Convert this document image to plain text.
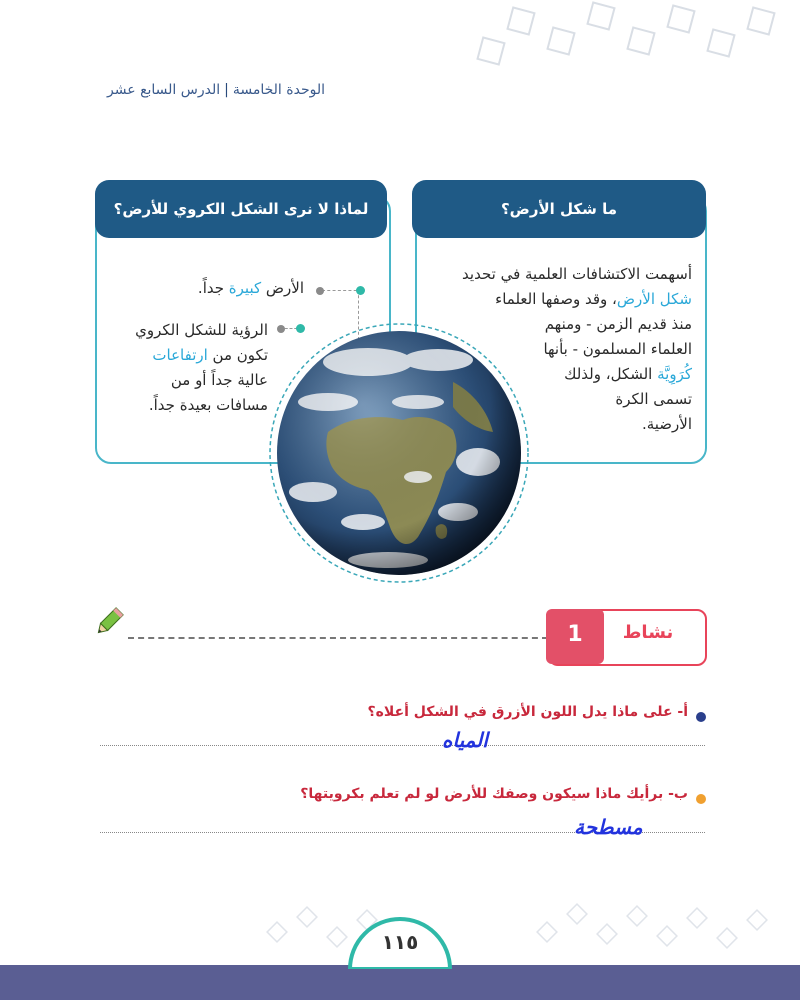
الوحدة الخامسة|الدرس السابع عشر
ما شكل الأرض؟
أسهمت الاكتشافات العلمية في تحديد
شكل الأرض، وقد وصفها العلماء
منذ قديم الزمن - ومنهم
العلماء المسلمون - بأنها
كُرَوِيَّة الشكل، ولذلك
تسمى الكرة
الأرضية.
لماذا لا نرى الشكل الكروي للأرض؟
الأرض كبيرة جداً.
الرؤية للشكل الكروي
تكون من ارتفاعات
عالية جداً أو من
مسافات بعيدة جداً.
نشاط
1
أ- على ماذا يدل اللون الأزرق في الشكل أعلاه؟
المياه
ب- برأيك ماذا سيكون وصفك للأرض لو لم تعلم بكرويتها؟
مسطحة
١١٥
